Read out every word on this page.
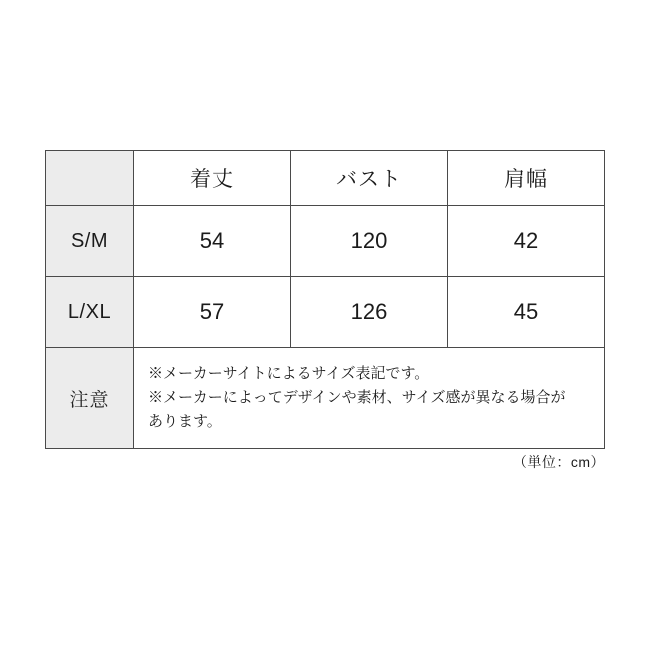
	着丈	バスト	肩幅
S/M	54	120	42
L/XL	57	126	45
注意	※メーカーサイトによるサイズ表記です。

※メーカーによってデザインや素材、サイズ感が異なる場合が

あります。		

（単位：cm）
